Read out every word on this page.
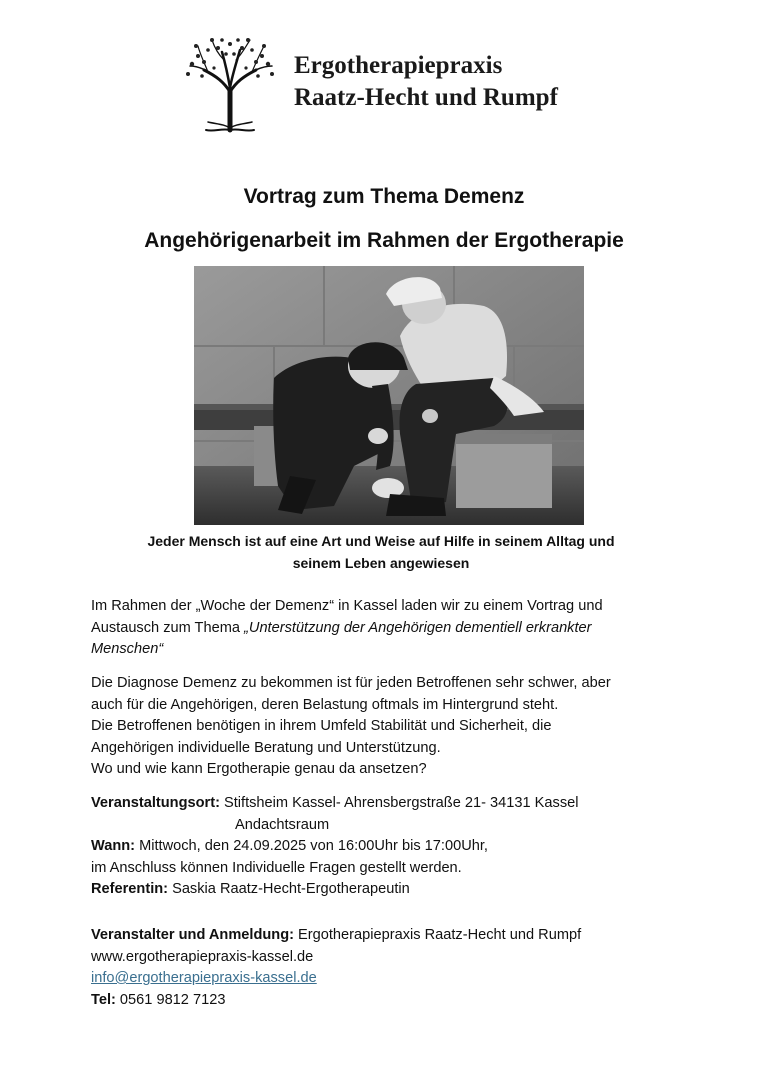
Ergotherapiepraxis
Raatz-Hecht und Rumpf
Vortrag zum Thema Demenz
Angehörigenarbeit im Rahmen der Ergotherapie
Jeder Mensch ist auf eine Art und Weise auf Hilfe in seinem Alltag und
seinem Leben angewiesen
Im Rahmen der „Woche der Demenz“ in Kassel laden wir zu einem Vortrag und
Austausch zum Thema „Unterstützung der Angehörigen dementiell erkrankter
Menschen“
Die Diagnose Demenz zu bekommen ist für jeden Betroffenen sehr schwer, aber
auch für die Angehörigen, deren Belastung oftmals im Hintergrund steht.
Die Betroffenen benötigen in ihrem Umfeld Stabilität und Sicherheit, die
Angehörigen individuelle Beratung und Unterstützung.
Wo und wie kann Ergotherapie genau da ansetzen?
Veranstaltungsort: Stiftsheim Kassel- Ahrensbergstraße 21- 34131 Kassel
Andachtsraum
Wann: Mittwoch, den 24.09.2025 von 16:00Uhr bis 17:00Uhr,
im Anschluss können Individuelle Fragen gestellt werden.
Referentin: Saskia Raatz-Hecht-Ergotherapeutin
Veranstalter und Anmeldung: Ergotherapiepraxis Raatz-Hecht und Rumpf
www.ergotherapiepraxis-kassel.de
info@ergotherapiepraxis-kassel.de
Tel: 0561 9812 7123
